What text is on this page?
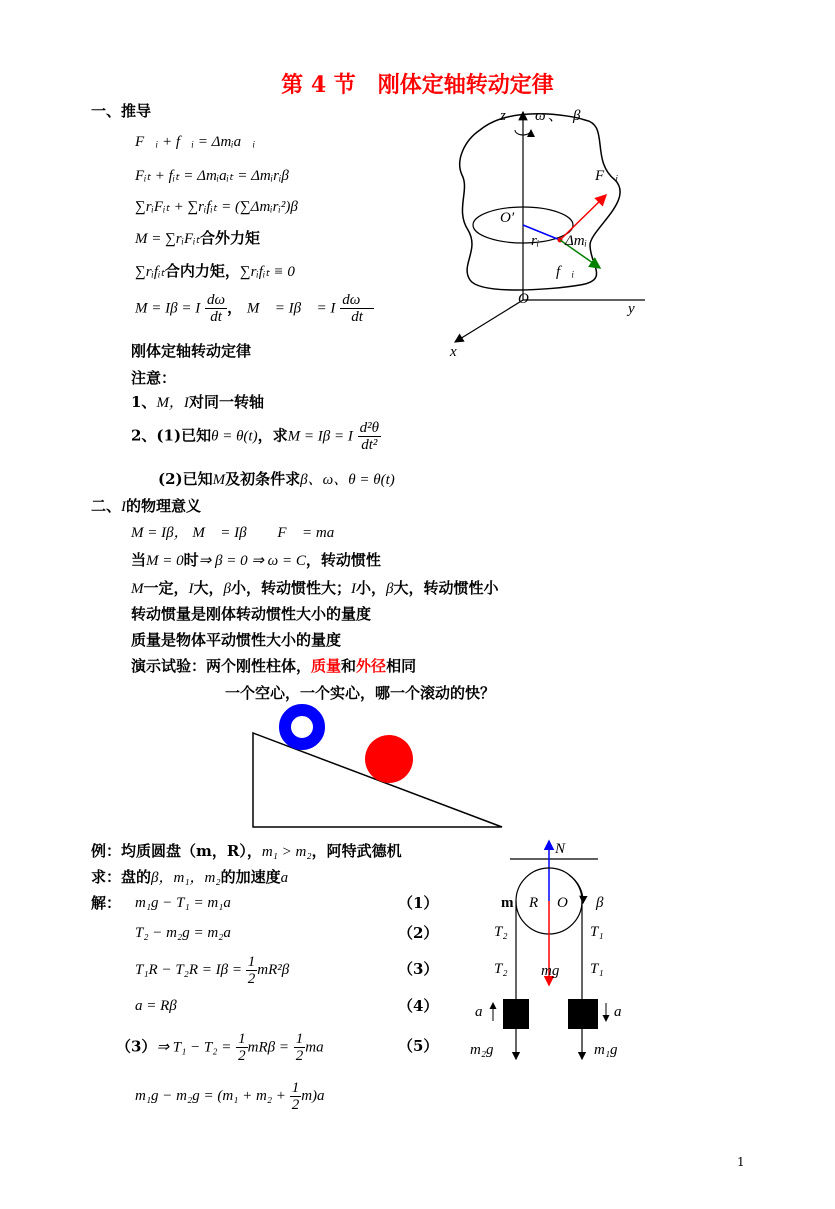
第 4 节　刚体定轴转动定律
一、推导
F⃗ᵢ + f⃗ᵢ = Δmᵢa⃗ᵢ
Fᵢₜ + fᵢₜ = Δmᵢaᵢₜ = Δmᵢrᵢβ
∑rᵢFᵢₜ + ∑rᵢfᵢₜ = (∑Δmᵢrᵢ²)β
M = ∑rᵢFᵢₜ合外力矩
∑rᵢfᵢₜ合内力矩，∑rᵢfᵢₜ ≡ 0
M = Iβ = I $\frac{d\omega}{dt}$ ， M⃗ = Iβ⃗ = I $\frac{d\omega⃗}{dt}$
刚体定轴转动定律
注意：
1、M，I对同一转轴
2、(1)已知θ = θ(t)，求M = Iβ = I $\frac{\text{d²θ}}{\text{dt²}}$
(2)已知M及初条件求β、ω、θ = θ(t)
z ω 、 β
F⃗ᵢ
O′
rᵢ Δmᵢ
f⃗ᵢ
O
y
x
二、I的物理意义
M = Iβ， M⃗ = Iβ⃗ ≅ F⃗ = ma⃗
当M = 0时⇒ β = 0 ⇒ ω = C，转动惯性
M一定，I大，β小，转动惯性大；I小，β大，转动惯性小
转动惯量是刚体转动惯性大小的量度
质量是物体平动惯性大小的量度
演示试验：两个刚性柱体，质量和外径相同
一个空心，一个实心，哪一个滚动的快？
例：均质圆盘（m，R），m₁ > m₂，阿特武德机
求：盘的β，m₁，m₂的加速度a
解： m₁g − T₁ = m₁a	（1）
T₂ − m₂g = m₂a	（2）
$T_1R - T_2R = I\beta = \frac{1}{2} mR^2\beta$	（3）
a = Rβ	（4）
（3）⇒ $T_1 - T_2 = \frac{1}{2}$ $mR\beta = \frac{1}{2}$ ma	（5）
$m_1g - m_2g = (m_1 + m_2 + \frac{1}{2} m)a$
N
m R O β
T₂	T₁
T₂ mg T₁
a	a
m₂g	m₁g
1
